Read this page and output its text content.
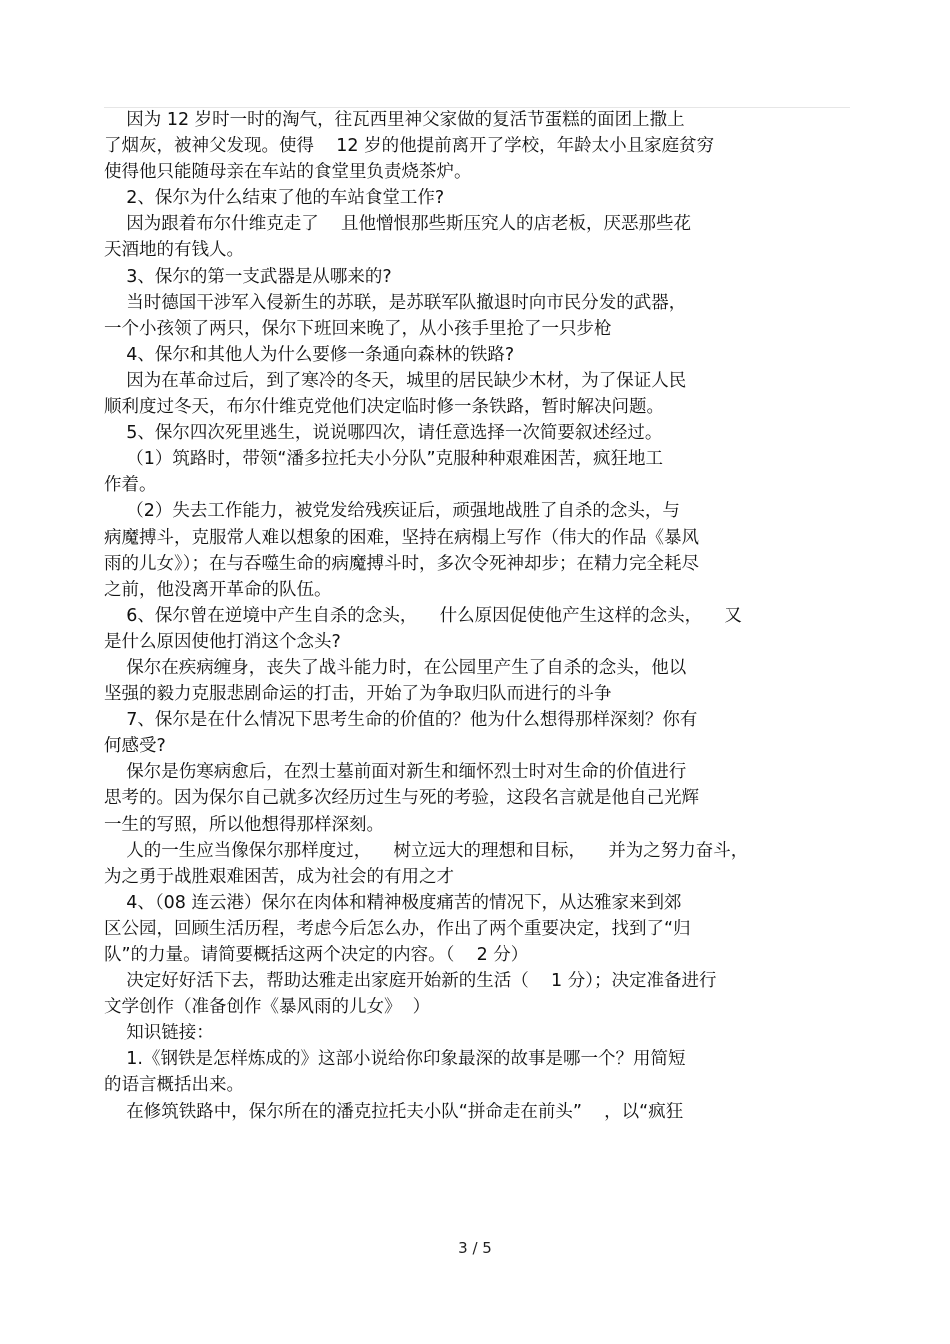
因为 12 岁时一时的淘气，往瓦西里神父家做的复活节蛋糕的面团上撒上
了烟灰，被神父发现。使得    12 岁的他提前离开了学校，年龄太小且家庭贫穷
使得他只能随母亲在车站的食堂里负责烧茶炉。
2、保尔为什么结束了他的车站食堂工作?
因为跟着布尔什维克走了    且他憎恨那些斯压究人的店老板，厌恶那些花
天酒地的有钱人。
3、保尔的第一支武器是从哪来的?
当时德国干涉军入侵新生的苏联，是苏联军队撤退时向市民分发的武器，
一个小孩领了两只，保尔下班回来晚了，从小孩手里抢了一只步枪
4、保尔和其他人为什么要修一条通向森林的铁路?
因为在革命过后，到了寒冷的冬天，城里的居民缺少木材，为了保证人民
顺利度过冬天，布尔什维克党他们决定临时修一条铁路，暂时解决问题。
5、保尔四次死里逃生，说说哪四次，请任意选择一次简要叙述经过。
（1）筑路时，带领“潘多拉托夫小分队”克服种种艰难困苦，疯狂地工
作着。
（2）失去工作能力，被党发给残疾证后，顽强地战胜了自杀的念头，与
病魔搏斗，克服常人难以想象的困难，坚持在病榻上写作（伟大的作品《暴风
雨的儿女》）；在与吞噬生命的病魔搏斗时，多次令死神却步；在精力完全耗尽
之前，他没离开革命的队伍。
6、保尔曾在逆境中产生自杀的念头，    什么原因促使他产生这样的念头，    又
是什么原因使他打消这个念头?
保尔在疾病缠身，丧失了战斗能力时，在公园里产生了自杀的念头，他以
坚强的毅力克服悲剧命运的打击，开始了为争取归队而进行的斗争
7、保尔是在什么情况下思考生命的价值的？他为什么想得那样深刻？你有
何感受?
保尔是伤寒病愈后，在烈士墓前面对新生和缅怀烈士时对生命的价值进行
思考的。因为保尔自己就多次经历过生与死的考验，这段名言就是他自己光辉
一生的写照，所以他想得那样深刻。
人的一生应当像保尔那样度过，    树立远大的理想和目标，    并为之努力奋斗，
为之勇于战胜艰难困苦，成为社会的有用之才
4、（08 连云港）保尔在肉体和精神极度痛苦的情况下，从达雅家来到郊
区公园，回顾生活历程，考虑今后怎么办，作出了两个重要决定，找到了“归
队”的力量。请简要概括这两个决定的内容。（    2 分）
决定好好活下去，帮助达雅走出家庭开始新的生活（    1 分）；决定准备进行
文学创作（准备创作《暴风雨的儿女》  ）
知识链接：
1.《钢铁是怎样炼成的》这部小说给你印象最深的故事是哪一个？用简短
的语言概括出来。
在修筑铁路中，保尔所在的潘克拉托夫小队“拼命走在前头”    ，以“疯狂
3 / 5
